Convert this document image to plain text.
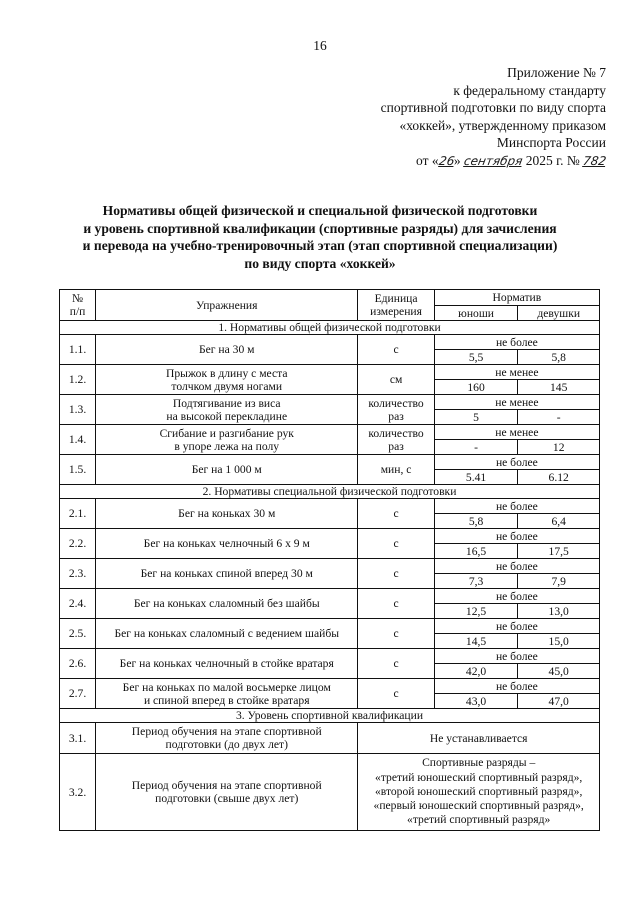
16
Приложение № 7
к федеральному стандарту
спортивной подготовки по виду спорта
«хоккей», утвержденному приказом
Минспорта России
от «26» сентября 2025 г. № 782
Нормативы общей физической и специальной физической подготовки
и уровень спортивной квалификации (спортивные разряды) для зачисления
и перевода на учебно-тренировочный этап (этап спортивной специализации)
по виду спорта «хоккей»
№
п/п	Упражнения	Единица
измерения	Норматив	
			юноши	девушки
1. Нормативы общей физической подготовки				
1.1.	Бег на 30 м	с	не более	
			5,5	5,8
1.2.	Прыжок в длину с места
толчком двумя ногами	см	не менее	
			160	145
1.3.	Подтягивание из виса
на высокой перекладине	количество
раз	не менее	
			5	-
1.4.	Сгибание и разгибание рук
в упоре лежа на полу	количество
раз	не менее	
			-	12
1.5.	Бег на 1 000 м	мин, с	не более	
			5.41	6.12
2. Нормативы специальной физической подготовки				
2.1.	Бег на коньках 30 м	с	не более	
			5,8	6,4
2.2.	Бег на коньках челночный 6 х 9 м	с	не более	
			16,5	17,5
2.3.	Бег на коньках спиной вперед 30 м	с	не более	
			7,3	7,9
2.4.	Бег на коньках слаломный без шайбы	с	не более	
			12,5	13,0
2.5.	Бег на коньках слаломный с ведением шайбы	с	не более	
			14,5	15,0
2.6.	Бег на коньках челночный в стойке вратаря	с	не более	
			42,0	45,0
2.7.	Бег на коньках по малой восьмерке лицом
и спиной вперед в стойке вратаря	с	не более	
			43,0	47,0
3. Уровень спортивной квалификации				
3.1.	Период обучения на этапе спортивной
подготовки (до двух лет)	Не устанавливается		
3.2.	Период обучения на этапе спортивной
подготовки (свыше двух лет)	Спортивные разряды –
«третий юношеский спортивный разряд»,
«второй юношеский спортивный разряд»,
«первый юношеский спортивный разряд»,
«третий спортивный разряд»		
